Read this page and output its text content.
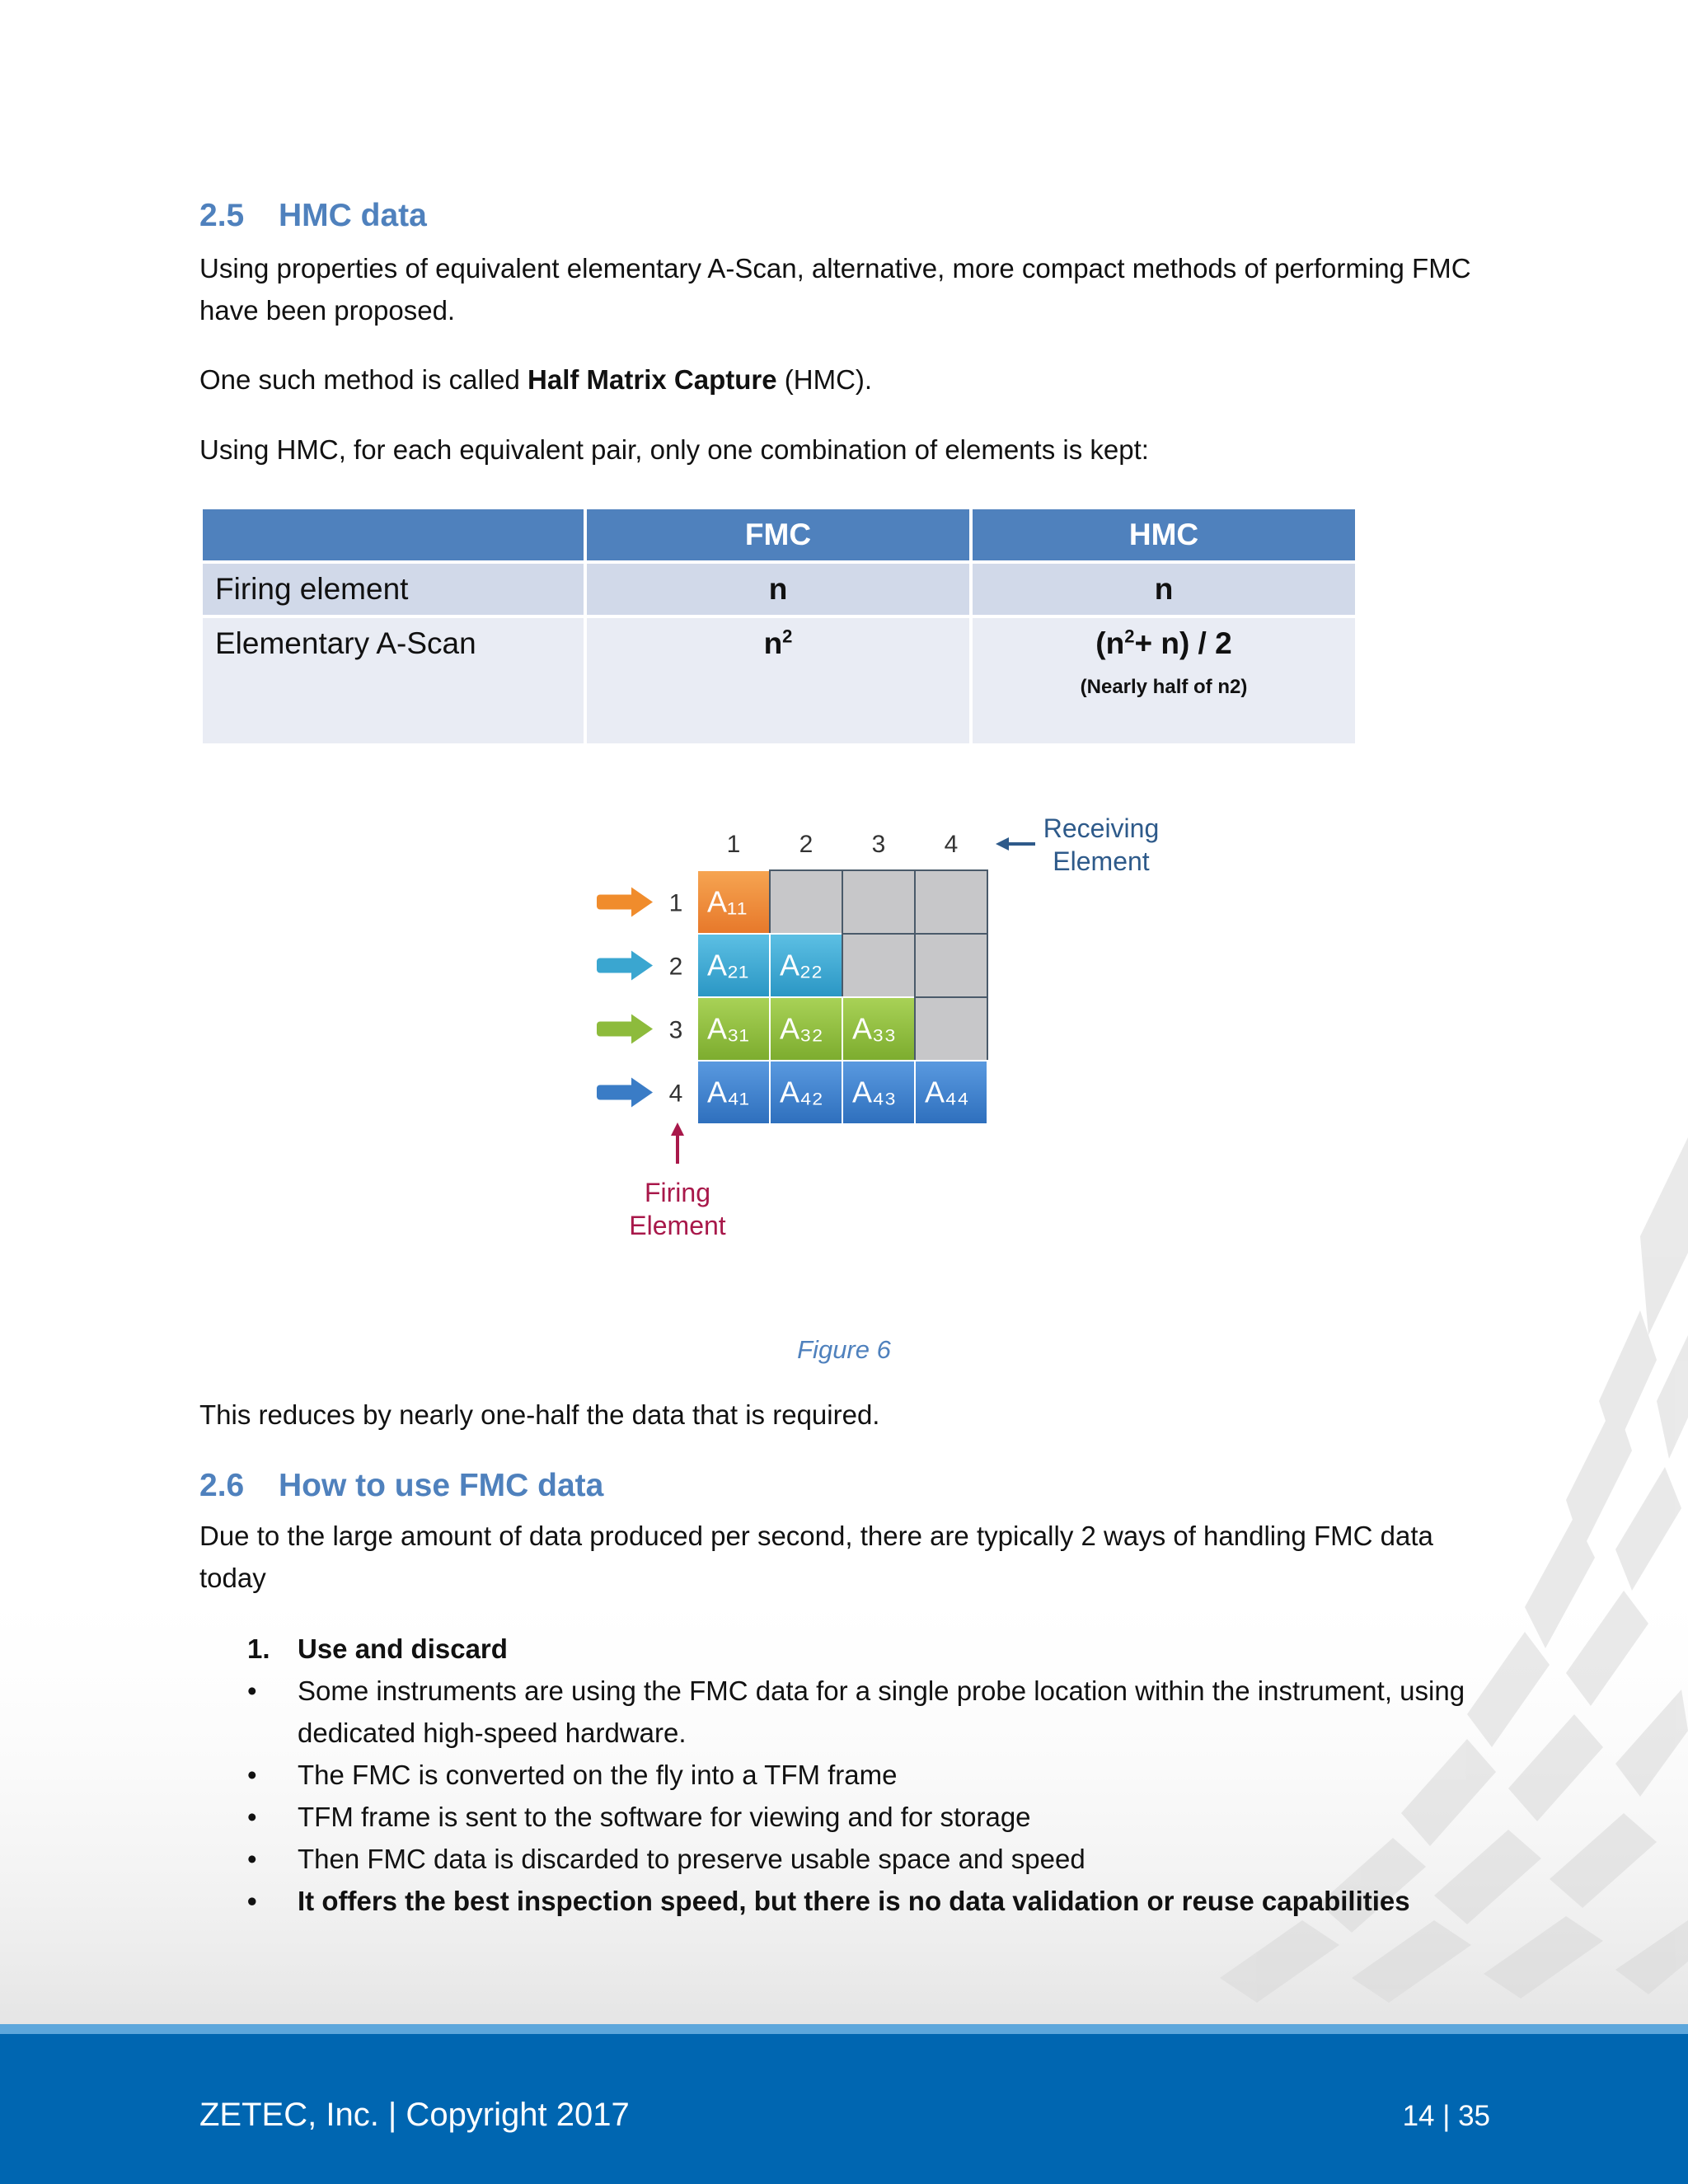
2.5 HMC data

Using properties of equivalent elementary A-Scan, alternative, more compact methods of performing FMC have been proposed.

One such method is called Half Matrix Capture (HMC).

Using HMC, for each equivalent pair, only one combination of elements is kept:

	FMC	HMC
Firing element	n	n
Elementary A-Scan	$n^2$	$(n^2+ n) / 2$
(Nearly half of n2)
A₁₁
A₂₁ A₂₂
A₃₁ A₃₂ A₃₃
A₄₁ A₄₂ A₄₃ A₄₄
1 2 3 4
1
2
3
4
Receiving
Element
Firing
Element

Figure 6

This reduces by nearly one-half the data that is required.

2.6 How to use FMC data

Due to the large amount of data produced per second, there are typically 2 ways of handling FMC data today

1.	Use and discard
•	Some instruments are using the FMC data for a single probe location within the instrument, using dedicated high-speed hardware.
•	The FMC is converted on the fly into a TFM frame
•	TFM frame is sent to the software for viewing and for storage
•	Then FMC data is discarded to preserve usable space and speed
•	It offers the best inspection speed, but there is no data validation or reuse capabilities
ZETEC, Inc. | Copyright 2017	14 | 35
